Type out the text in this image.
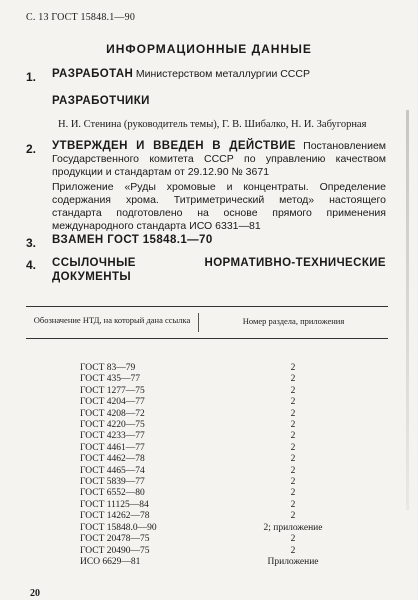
С. 13 ГОСТ 15848.1—90
ИНФОРМАЦИОННЫЕ ДАННЫЕ
1. РАЗРАБОТАН Министерством металлургии СССР
РАЗРАБОТЧИКИ
Н. И. Стенина (руководитель темы), Г. В. Шибалко, Н. И. Забугорная
2. УТВЕРЖДЕН И ВВЕДЕН В ДЕЙСТВИЕ Постановлением Государственного комитета СССР по управлению качеством продукции и стандартам от 29.12.90 № 3671
Приложение «Руды хромовые и концентраты. Определение содержания хрома. Титриметрический метод» настоящего стандарта подготовлено на основе прямого применения международного стандарта ИСО 6331—81
3. ВЗАМЕН ГОСТ 15848.1—70
4. ССЫЛОЧНЫЕ НОРМАТИВНО-ТЕХНИЧЕСКИЕ ДОКУМЕНТЫ
Обозначение НТД, на который дана ссылка	Номер раздела, приложения
ГОСТ 83—79	2
ГОСТ 435—77	2
ГОСТ 1277—75	2
ГОСТ 4204—77	2
ГОСТ 4208—72	2
ГОСТ 4220—75	2
ГОСТ 4233—77	2
ГОСТ 4461—77	2
ГОСТ 4462—78	2
ГОСТ 4465—74	2
ГОСТ 5839—77	2
ГОСТ 6552—80	2
ГОСТ 11125—84	2
ГОСТ 14262—78	2
ГОСТ 15848.0—90	2; приложение
ГОСТ 20478—75	2
ГОСТ 20490—75	2
ИСО 6629—81	Приложение
20
